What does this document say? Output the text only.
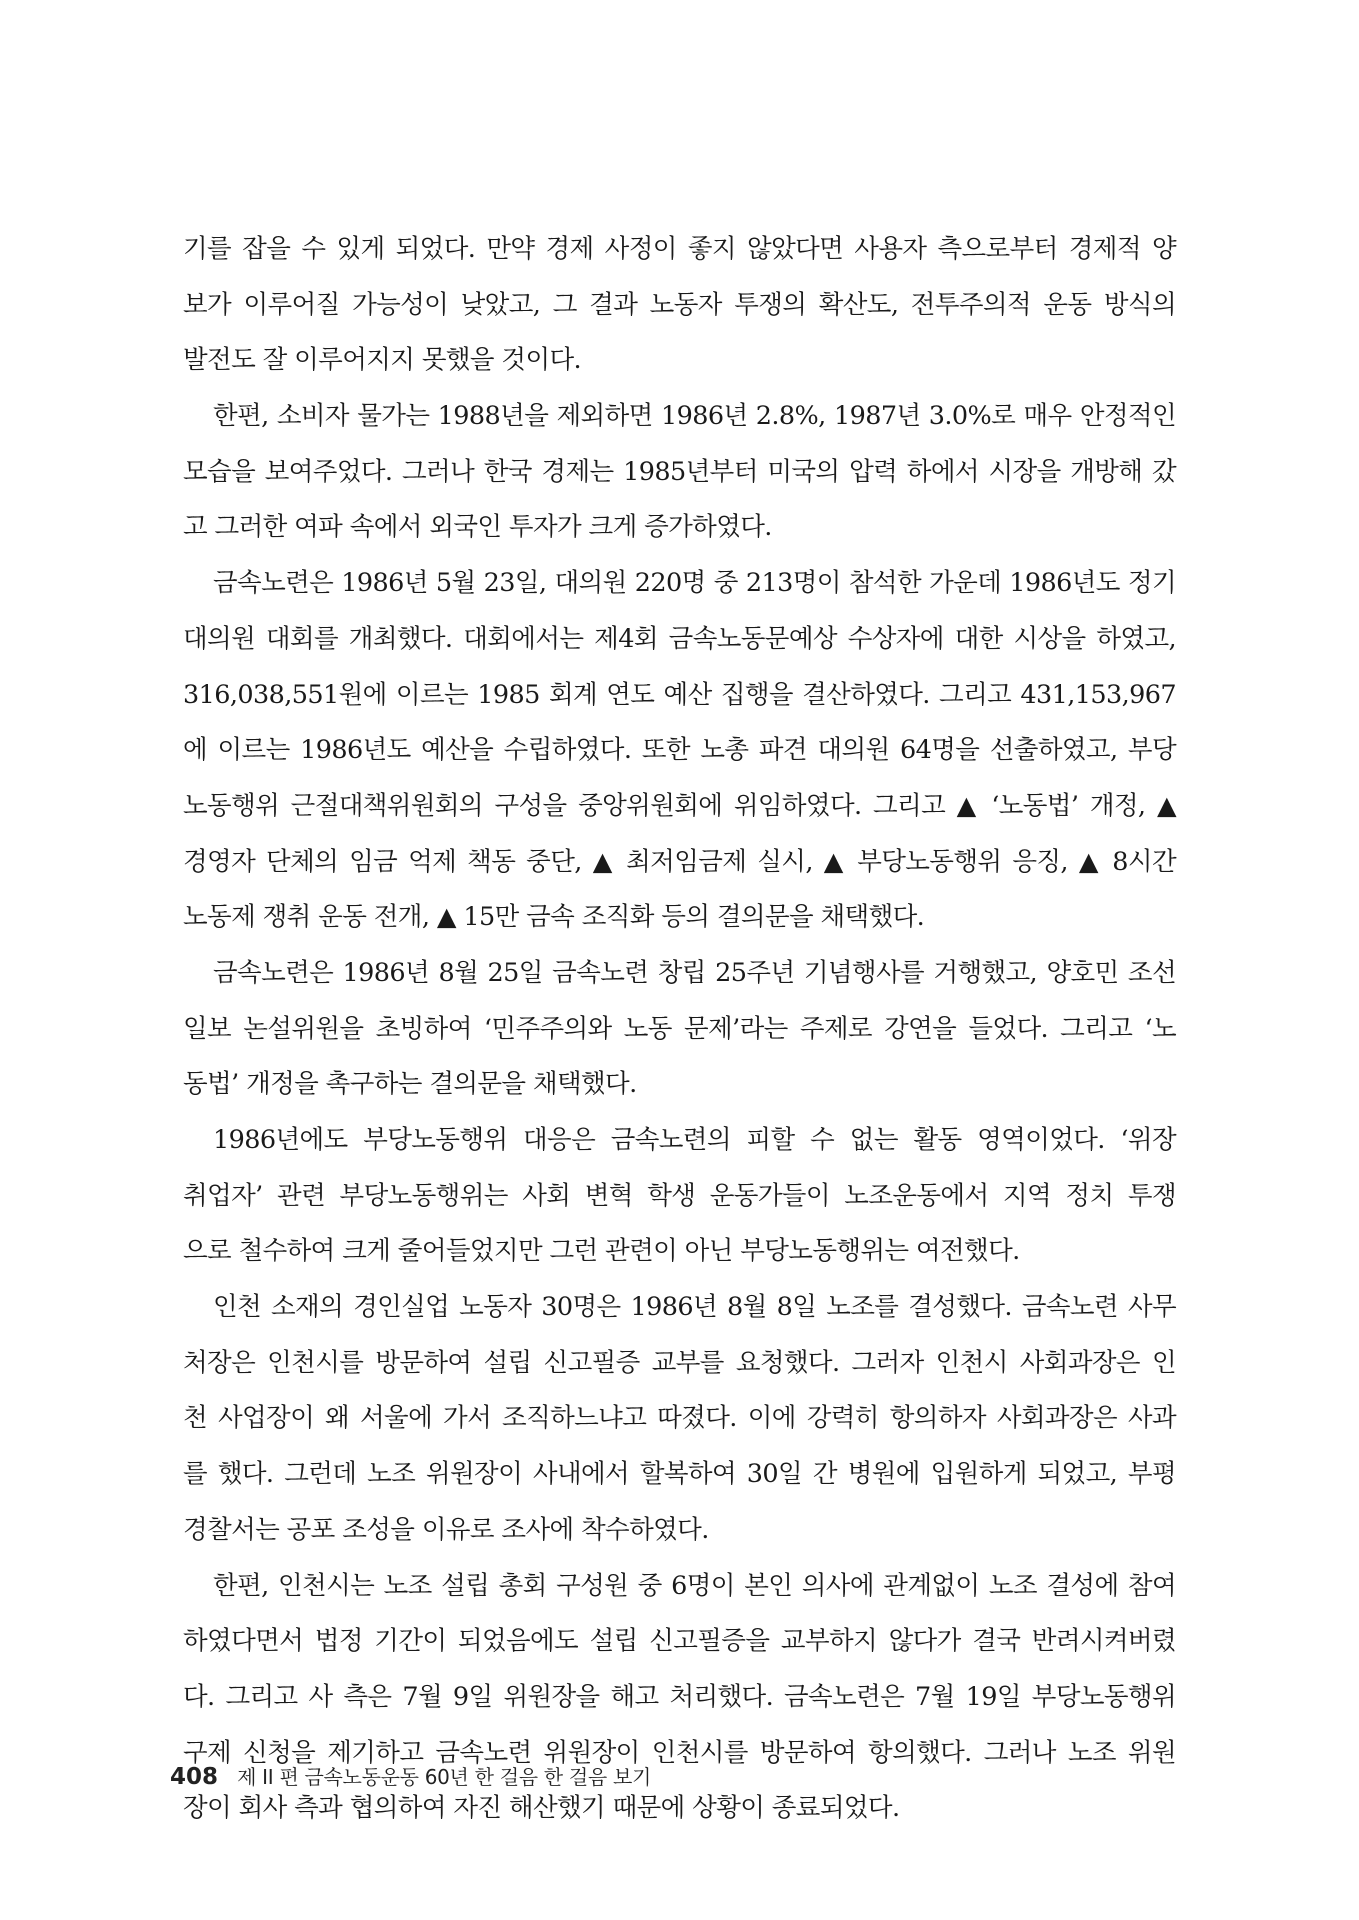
기를 잡을 수 있게 되었다. 만약 경제 사정이 좋지 않았다면 사용자 측으로부터 경제적 양
보가 이루어질 가능성이 낮았고, 그 결과 노동자 투쟁의 확산도, 전투주의적 운동 방식의
발전도 잘 이루어지지 못했을 것이다.
한편, 소비자 물가는 1988년을 제외하면 1986년 2.8%, 1987년 3.0%로 매우 안정적인
모습을 보여주었다. 그러나 한국 경제는 1985년부터 미국의 압력 하에서 시장을 개방해 갔
고 그러한 여파 속에서 외국인 투자가 크게 증가하였다.
금속노련은 1986년 5월 23일, 대의원 220명 중 213명이 참석한 가운데 1986년도 정기
대의원 대회를 개최했다. 대회에서는 제4회 금속노동문예상 수상자에 대한 시상을 하였고,
316,038,551원에 이르는 1985 회계 연도 예산 집행을 결산하였다. 그리고 431,153,967
에 이르는 1986년도 예산을 수립하였다. 또한 노총 파견 대의원 64명을 선출하였고, 부당
노동행위 근절대책위원회의 구성을 중앙위원회에 위임하였다. 그리고 ▲ ‘노동법’ 개정, ▲
경영자 단체의 임금 억제 책동 중단, ▲ 최저임금제 실시, ▲ 부당노동행위 응징, ▲ 8시간
노동제 쟁취 운동 전개, ▲ 15만 금속 조직화 등의 결의문을 채택했다.
금속노련은 1986년 8월 25일 금속노련 창립 25주년 기념행사를 거행했고, 양호민 조선
일보 논설위원을 초빙하여 ‘민주주의와 노동 문제’라는 주제로 강연을 들었다. 그리고 ‘노
동법’ 개정을 촉구하는 결의문을 채택했다.
1986년에도 부당노동행위 대응은 금속노련의 피할 수 없는 활동 영역이었다. ‘위장
취업자’ 관련 부당노동행위는 사회 변혁 학생 운동가들이 노조운동에서 지역 정치 투쟁
으로 철수하여 크게 줄어들었지만 그런 관련이 아닌 부당노동행위는 여전했다.
인천 소재의 경인실업 노동자 30명은 1986년 8월 8일 노조를 결성했다. 금속노련 사무
처장은 인천시를 방문하여 설립 신고필증 교부를 요청했다. 그러자 인천시 사회과장은 인
천 사업장이 왜 서울에 가서 조직하느냐고 따졌다. 이에 강력히 항의하자 사회과장은 사과
를 했다. 그런데 노조 위원장이 사내에서 할복하여 30일 간 병원에 입원하게 되었고, 부평
경찰서는 공포 조성을 이유로 조사에 착수하였다.
한편, 인천시는 노조 설립 총회 구성원 중 6명이 본인 의사에 관계없이 노조 결성에 참여
하였다면서 법정 기간이 되었음에도 설립 신고필증을 교부하지 않다가 결국 반려시켜버렸
다. 그리고 사 측은 7월 9일 위원장을 해고 처리했다. 금속노련은 7월 19일 부당노동행위
구제 신청을 제기하고 금속노련 위원장이 인천시를 방문하여 항의했다. 그러나 노조 위원
장이 회사 측과 협의하여 자진 해산했기 때문에 상황이 종료되었다.
408 제 II 편 금속노동운동 60년 한 걸음 한 걸음 보기
